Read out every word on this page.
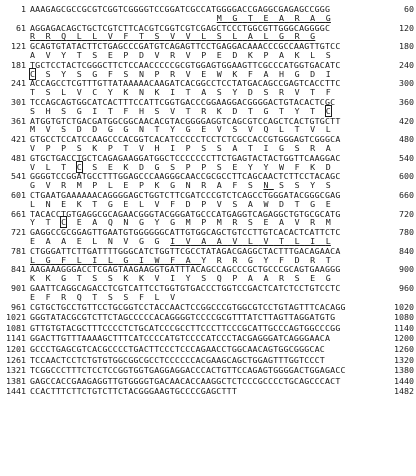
1 AAAGAGCGCCGCGTCGGTCGGGGTCCGGATCGCCATGGGGACCGAGGCGAGAGCCGGG	60
M G T E A R A G
61 AGGAGACAGCTGCTCGTCTTCACGTCGGTCGTCGAGCTCCCTGGCGTTGGGCAGGGGC	120
R R Q L L V F T S V V L S L A L G R G
121 GCAGTGTATACTTCTGAGCCCGATGTCAGAGTTCCTGAGGACAAACCCGCCAAGTTGTCC	180
A V Y T S E P D V R V P E D K P A K L S
181 TGCTCCTACTCGGGCTTCTCCAACCCCCGCGTGGAGTGGAAGTTCGCCCATGGTGACATC	240
C S Y S G F S N P R V E W K F A H G D I
241 ACCAGCCTCGTTTGTTATAAAAACAAGATCACGGCCTCCTATGACAGCCGAGTCACCTTC	300
T S L V C Y K N K I T A S Y D S R V T F
301 TCCAGCAGTGGCATCACTTTCCATTCGGTGACCCGGAAGGACGGGGACTGTACACTCGC	360
S H S G I T F H S V T R K D T G T Y T C
361 ATGGTGTCTGACGATGGCGGCAACACGTACGGGGAGGTCAGCGTCCAGCTCACTGTGCTT	420
M V S D D G G N T Y G E V S V Q L T V L
421 GTGCCTCCATCCAAGCCCACGGTCACATCCCCCTCCTCTCGCCACCGTGGGAGTCGGGCA	480
V P P S K P T V H I P S S A T I G S R A
481 GTGCTGACCTGCTCAGAGAAGGATGGCTCCCCCCCTTCTGAGTACTACTGGTTCAAGGAC	540
V L T C S E K D G S P P S E Y Y W F K D
541 GGGGTCCGGATGCCTTTGGAGCCCAAGGGCAACCGCGCCTTCAGCAACTCTTCCTACAGC	600
G V R M P L E P K G N R A F S N S S Y S
601 CTGAATGAAAAAACAGGGGAGCTGGTCTTCGATCCCGTCTCAGCCTGGGATACGGGCGAG	660
L N E K T G E L V F D P V S A W D T G E
661 TACACCTGTGAGGCGCAGAACGGGTACGGGATGCCCATGAGGTCAGAGGCTGTGCGCATG	720
Y T C E A Q N G Y G M P M R S E A V R M
721 GAGGCCGCGGAGTTGAATGTGGGGGGCATTGTGGCAGCTGTCCTTGTCACACTCATTCTC	780
E A A E L N V G G I V A A V L V T L I L
781 CTGGGATTCTTGATTTTGGGCATCTGGTTCGCCTATAGACGAGGCTACTTTGACAGAACA	840
L G F L I L G I W F A Y R R G Y F D R T
841 AAGAAAGGGACCTCGAGTAAGAAGGTGATTTACAGCCAGCCCGCTGCCCGCAGTGAAGGG	900
K K G T S S K K V I Y S Q P A A R S E G
901 GAATTCAGGCAGACCTCGTCATTCCTGGTGTGACCCTGGTCCGACTCATCTCCTGTCCTC	960
E F R Q T S S F L V
961 CGTGCTGCCTGTTCCTGCGGTCCTACCAACTCCGGCCCGTGGCGTCCTGTAGTTTCACAGG	1020
1021 GGGTATACGCGTCTTCTAGCCCCCACAGGGGTCCCCGCGTTTATCTTAGTTAGGATGTG	1080
1081 GTTGTGTACGCTTTCCCCTCTGCATCCCGCCTTCCCTTCCCGCATTGCCCAGTGGCCCGG	1140
1141 GGACTTGTTTAAAAGCTTTCATCCCCATGTCCCCATCCCTACGAGGGATCAGGGAACA	1200
1201 GCCCTGAGCGTCACGCCCCTGACTTCCCTCCCAGAACCTGGCAACAGTGGCGGGCAC	1260
1261 TCCAACTCCTCTGTGTGGCGGCGCCTCCCCCCACGAAGCAGCTGGAGTTTGGTCCCT	1320
1321 TCGGCCCTTTCTCCTCCGGTGGTGAGGAGGACCCACTGTTCCAGAGTGGGGACTGGAGACC	1380
1381 GAGCCACCGAAGAGGTTGTGGGGTGACAACACCAAGGCTCTCCCGCCCCTGCAGCCCACT	1440
1441 CCACTTTCTTCTGTCTTCTACGGGAAGTGCCCCGAGCTTT	1482
